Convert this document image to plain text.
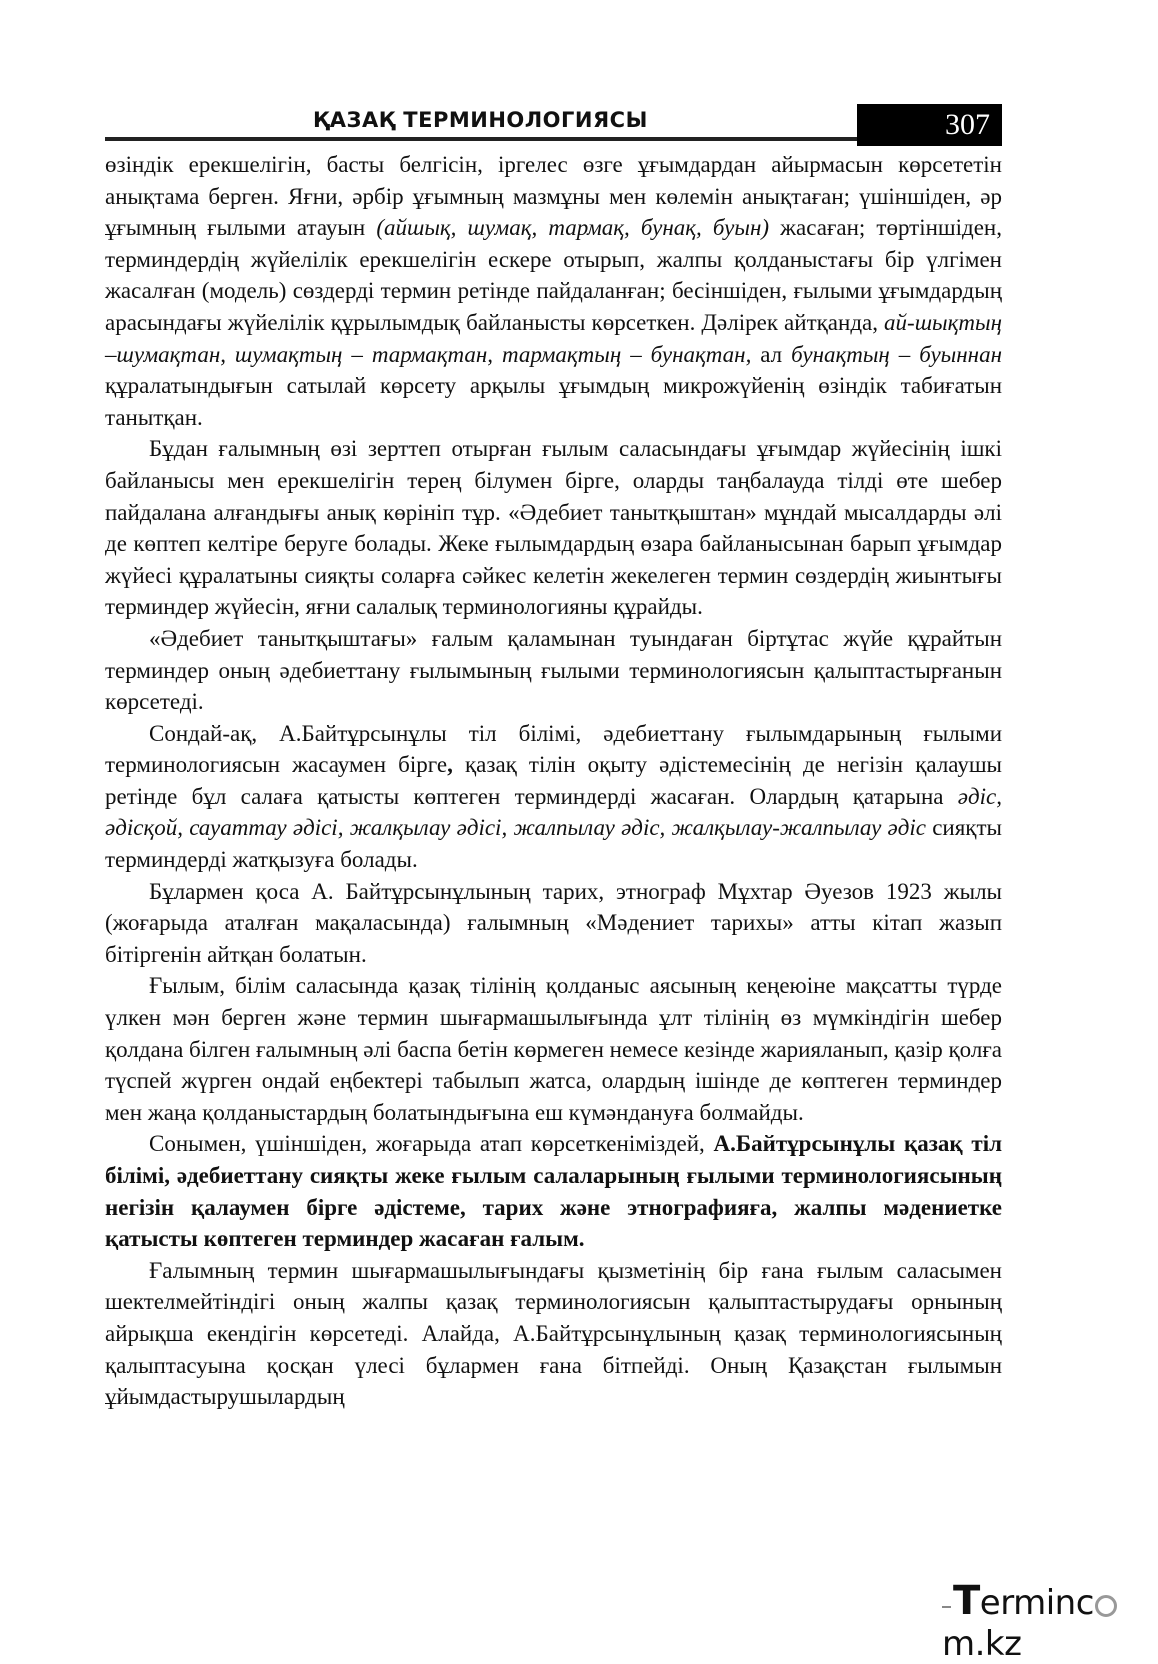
ҚАЗАҚ ТЕРМИНОЛОГИЯСЫ	307

өзіндік ерекшелігін, басты белгісін, іргелес өзге ұғымдардан айырмасын көрсететін анықтама берген. Яғни, әрбір ұғымның мазмұны мен көлемін анықтаған; үшіншіден, әр ұғымның ғылыми атауын (айшық, шумақ, тармақ, бунақ, буын) жасаған; төртіншіден, терминдердің жүйелілік ерекшелігін ескере отырып, жалпы қолданыстағы бір үлгімен жасалған (модель) сөздерді термин ретінде пайдаланған; бесіншіден, ғылыми ұғымдардың арасындағы жүйелілік құрылымдық байланысты көрсеткен. Дәлірек айтқанда, ай-шықтың –шумақтан, шумақтың – тармақтан, тармақтың – бунақтан, ал бунақтың – буыннан құралатындығын сатылай көрсету арқылы ұғымдың микрожүйенің өзіндік табиғатын танытқан.

Бұдан ғалымның өзі зерттеп отырған ғылым саласындағы ұғымдар жүйесінің ішкі байланысы мен ерекшелігін терең білумен бірге, оларды таңбалауда тілді өте шебер пайдалана алғандығы анық көрініп тұр. «Әдебиет танытқыштан» мұндай мысалдарды әлі де көптеп келтіре беруге болады. Жеке ғылымдардың өзара байланысынан барып ұғымдар жүйесі құралатыны сияқты соларға сәйкес келетін жекелеген термин сөздердің жиынтығы терминдер жүйесін, яғни салалық терминологияны құрайды.

«Әдебиет танытқыштағы» ғалым қаламынан туындаған біртұтас жүйе құрайтын терминдер оның әдебиеттану ғылымының ғылыми терминологиясын қалыптастырғанын көрсетеді.

Сондай-ақ, А.Байтұрсынұлы тіл білімі, әдебиеттану ғылымдарының ғылыми терминологиясын жасаумен бірге, қазақ тілін оқыту әдістемесінің де негізін қалаушы ретінде бұл салаға қатысты көптеген терминдерді жасаған. Олардың қатарына әдіс, әдісқой, сауаттау әдісі, жалқылау әдісі, жалпылау әдіс, жалқылау-жалпылау әдіс сияқты терминдерді жатқызуға болады.

Бұлармен қоса А. Байтұрсынұлының тарих, этнограф Мұхтар Әуезов 1923 жылы (жоғарыда аталған мақаласында) ғалымның «Мәдениет тарихы» атты кітап жазып бітіргенін айтқан болатын.

Ғылым, білім саласында қазақ тілінің қолданыс аясының кеңеюіне мақсатты түрде үлкен мән берген және термин шығармашылығында ұлт тілінің өз мүмкіндігін шебер қолдана білген ғалымның әлі баспа бетін көрмеген немесе кезінде жарияланып, қазір қолға түспей жүрген ондай еңбектері табылып жатса, олардың ішінде де көптеген терминдер мен жаңа қолданыстардың болатындығына еш күмәндануға болмайды.

Сонымен, үшіншіден, жоғарыда атап көрсеткеніміздей, А.Байтұрсынұлы қазақ тіл білімі, әдебиеттану сияқты жеке ғылым салаларының ғылыми терминологиясының негізін қалаумен бірге әдістеме, тарих және этнографияға, жалпы мәдениетке қатысты көптеген терминдер жасаған ғалым.

Ғалымның термин шығармашылығындағы қызметінің бір ғана ғылым саласымен шектелмейтіндігі оның жалпы қазақ терминологиясын қалыптастырудағы орнының айрықша екендігін көрсетеді. Алайда, А.Байтұрсынұлының қазақ терминологиясының қалыптасуына қосқан үлесі бұлармен ғана бітпейді. Оның Қазақстан ғылымын ұйымдастырушылардың

Termincm.kz
